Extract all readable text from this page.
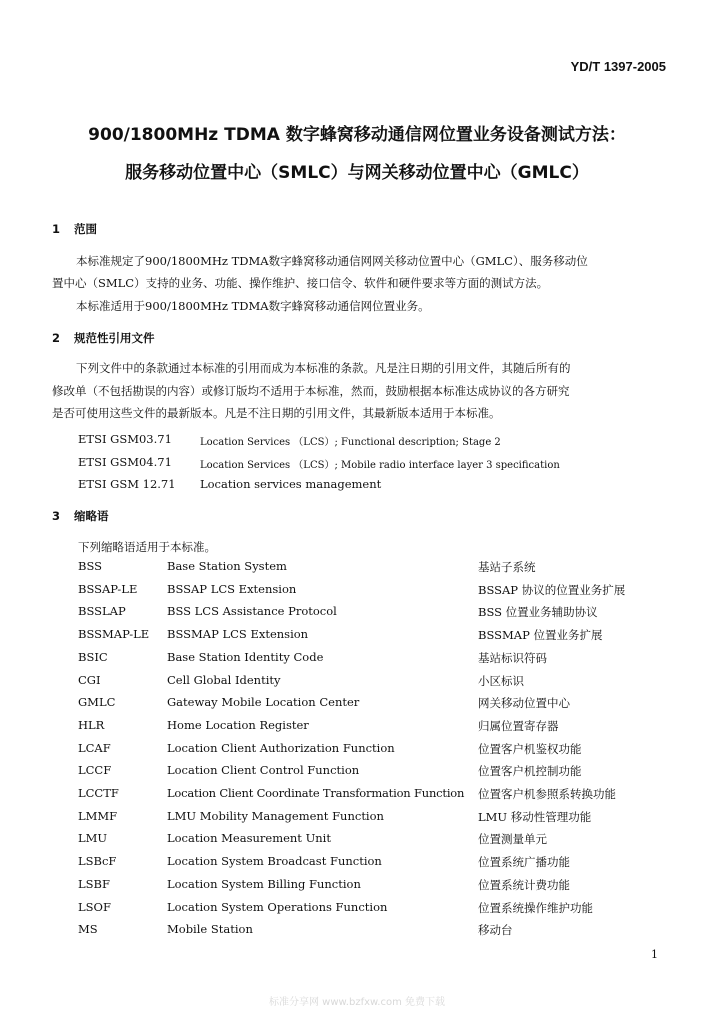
YD/T 1397-2005
900/1800MHz TDMA 数字蜂窝移动通信网位置业务设备测试方法：
服务移动位置中心（SMLC）与网关移动位置中心（GMLC）
1 范围
本标准规定了900/1800MHz TDMA数字蜂窝移动通信网网关移动位置中心（GMLC）、服务移动位
置中心（SMLC）支持的业务、功能、操作维护、接口信令、软件和硬件要求等方面的测试方法。
本标准适用于900/1800MHz TDMA数字蜂窝移动通信网位置业务。
2 规范性引用文件
下列文件中的条款通过本标准的引用而成为本标准的条款。凡是注日期的引用文件，其随后所有的
修改单（不包括勘误的内容）或修订版均不适用于本标准，然而，鼓励根据本标准达成协议的各方研究
是否可使用这些文件的最新版本。凡是不注日期的引用文件，其最新版本适用于本标准。
ETSI GSM03.71	Location Services （LCS）; Functional description; Stage 2
ETSI GSM04.71	Location Services （LCS）; Mobile radio interface layer 3 specification
ETSI GSM 12.71 Location services management
3 缩略语
下列缩略语适用于本标准。
BSS	Base Station System	基站子系统
BSSAP-LE	BSSAP LCS Extension	BSSAP 协议的位置业务扩展
BSSLAP	BSS LCS Assistance Protocol	BSS 位置业务辅助协议
BSSMAP-LE BSSMAP LCS Extension	BSSMAP 位置业务扩展
BSIC	Base Station Identity Code	基站标识符码
CGI	Cell Global Identity	小区标识
GMLC	Gateway Mobile Location Center	网关移动位置中心
HLR	Home Location Register	归属位置寄存器
LCAF	Location Client Authorization Function	位置客户机鉴权功能
LCCF	Location Client Control Function	位置客户机控制功能
LCCTF	Location Client Coordinate Transformation Function 位置客户机参照系转换功能
LMMF	LMU Mobility Management Function	LMU 移动性管理功能
LMU	Location Measurement Unit	位置测量单元
LSBcF	Location System Broadcast Function	位置系统广播功能
LSBF	Location System Billing Function	位置系统计费功能
LSOF	Location System Operations Function	位置系统操作维护功能
MS	Mobile Station	移动台
1
标准分享网 www.bzfxw.com 免费下载
